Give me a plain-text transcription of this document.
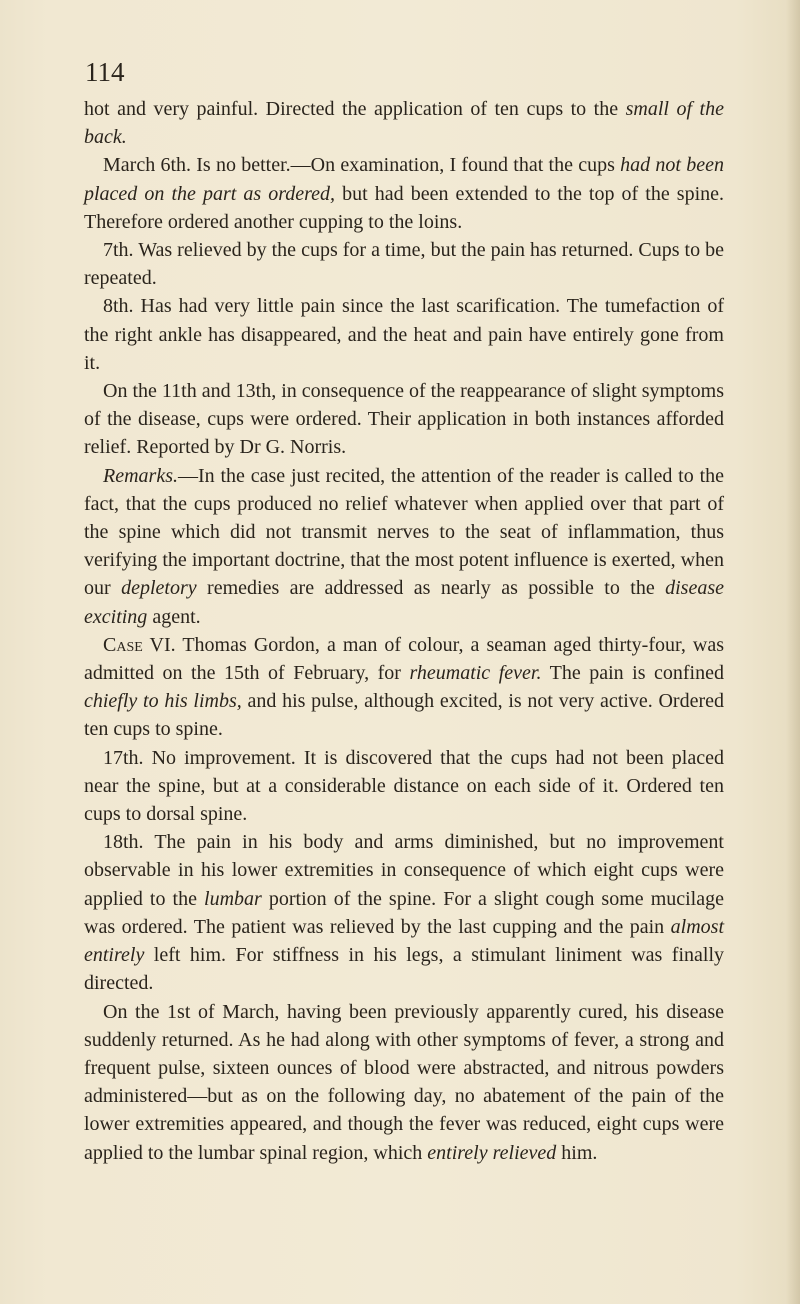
114

hot and very painful. Directed the application of ten cups to the small of the back.

March 6th. Is no better.—On examination, I found that the cups had not been placed on the part as ordered, but had been extended to the top of the spine. Therefore ordered another cupping to the loins.

7th. Was relieved by the cups for a time, but the pain has returned. Cups to be repeated.

8th. Has had very little pain since the last scarification. The tumefaction of the right ankle has disappeared, and the heat and pain have entirely gone from it.

On the 11th and 13th, in consequence of the reappearance of slight symptoms of the disease, cups were ordered. Their application in both instances afforded relief. Reported by Dr G. Norris.

Remarks.—In the case just recited, the attention of the reader is called to the fact, that the cups produced no relief whatever when applied over that part of the spine which did not transmit nerves to the seat of inflammation, thus verifying the important doctrine, that the most potent influence is exerted, when our depletory remedies are addressed as nearly as possible to the disease exciting agent.

Case VI. Thomas Gordon, a man of colour, a seaman aged thirty-four, was admitted on the 15th of February, for rheumatic fever. The pain is confined chiefly to his limbs, and his pulse, although excited, is not very active. Ordered ten cups to spine.

17th. No improvement. It is discovered that the cups had not been placed near the spine, but at a considerable distance on each side of it. Ordered ten cups to dorsal spine.

18th. The pain in his body and arms diminished, but no improvement observable in his lower extremities in consequence of which eight cups were applied to the lumbar portion of the spine. For a slight cough some mucilage was ordered. The patient was relieved by the last cupping and the pain almost entirely left him. For stiffness in his legs, a stimulant liniment was finally directed.

On the 1st of March, having been previously apparently cured, his disease suddenly returned. As he had along with other symptoms of fever, a strong and frequent pulse, sixteen ounces of blood were abstracted, and nitrous powders administered—but as on the following day, no abatement of the pain of the lower extremities appeared, and though the fever was reduced, eight cups were applied to the lumbar spinal region, which entirely relieved him.
